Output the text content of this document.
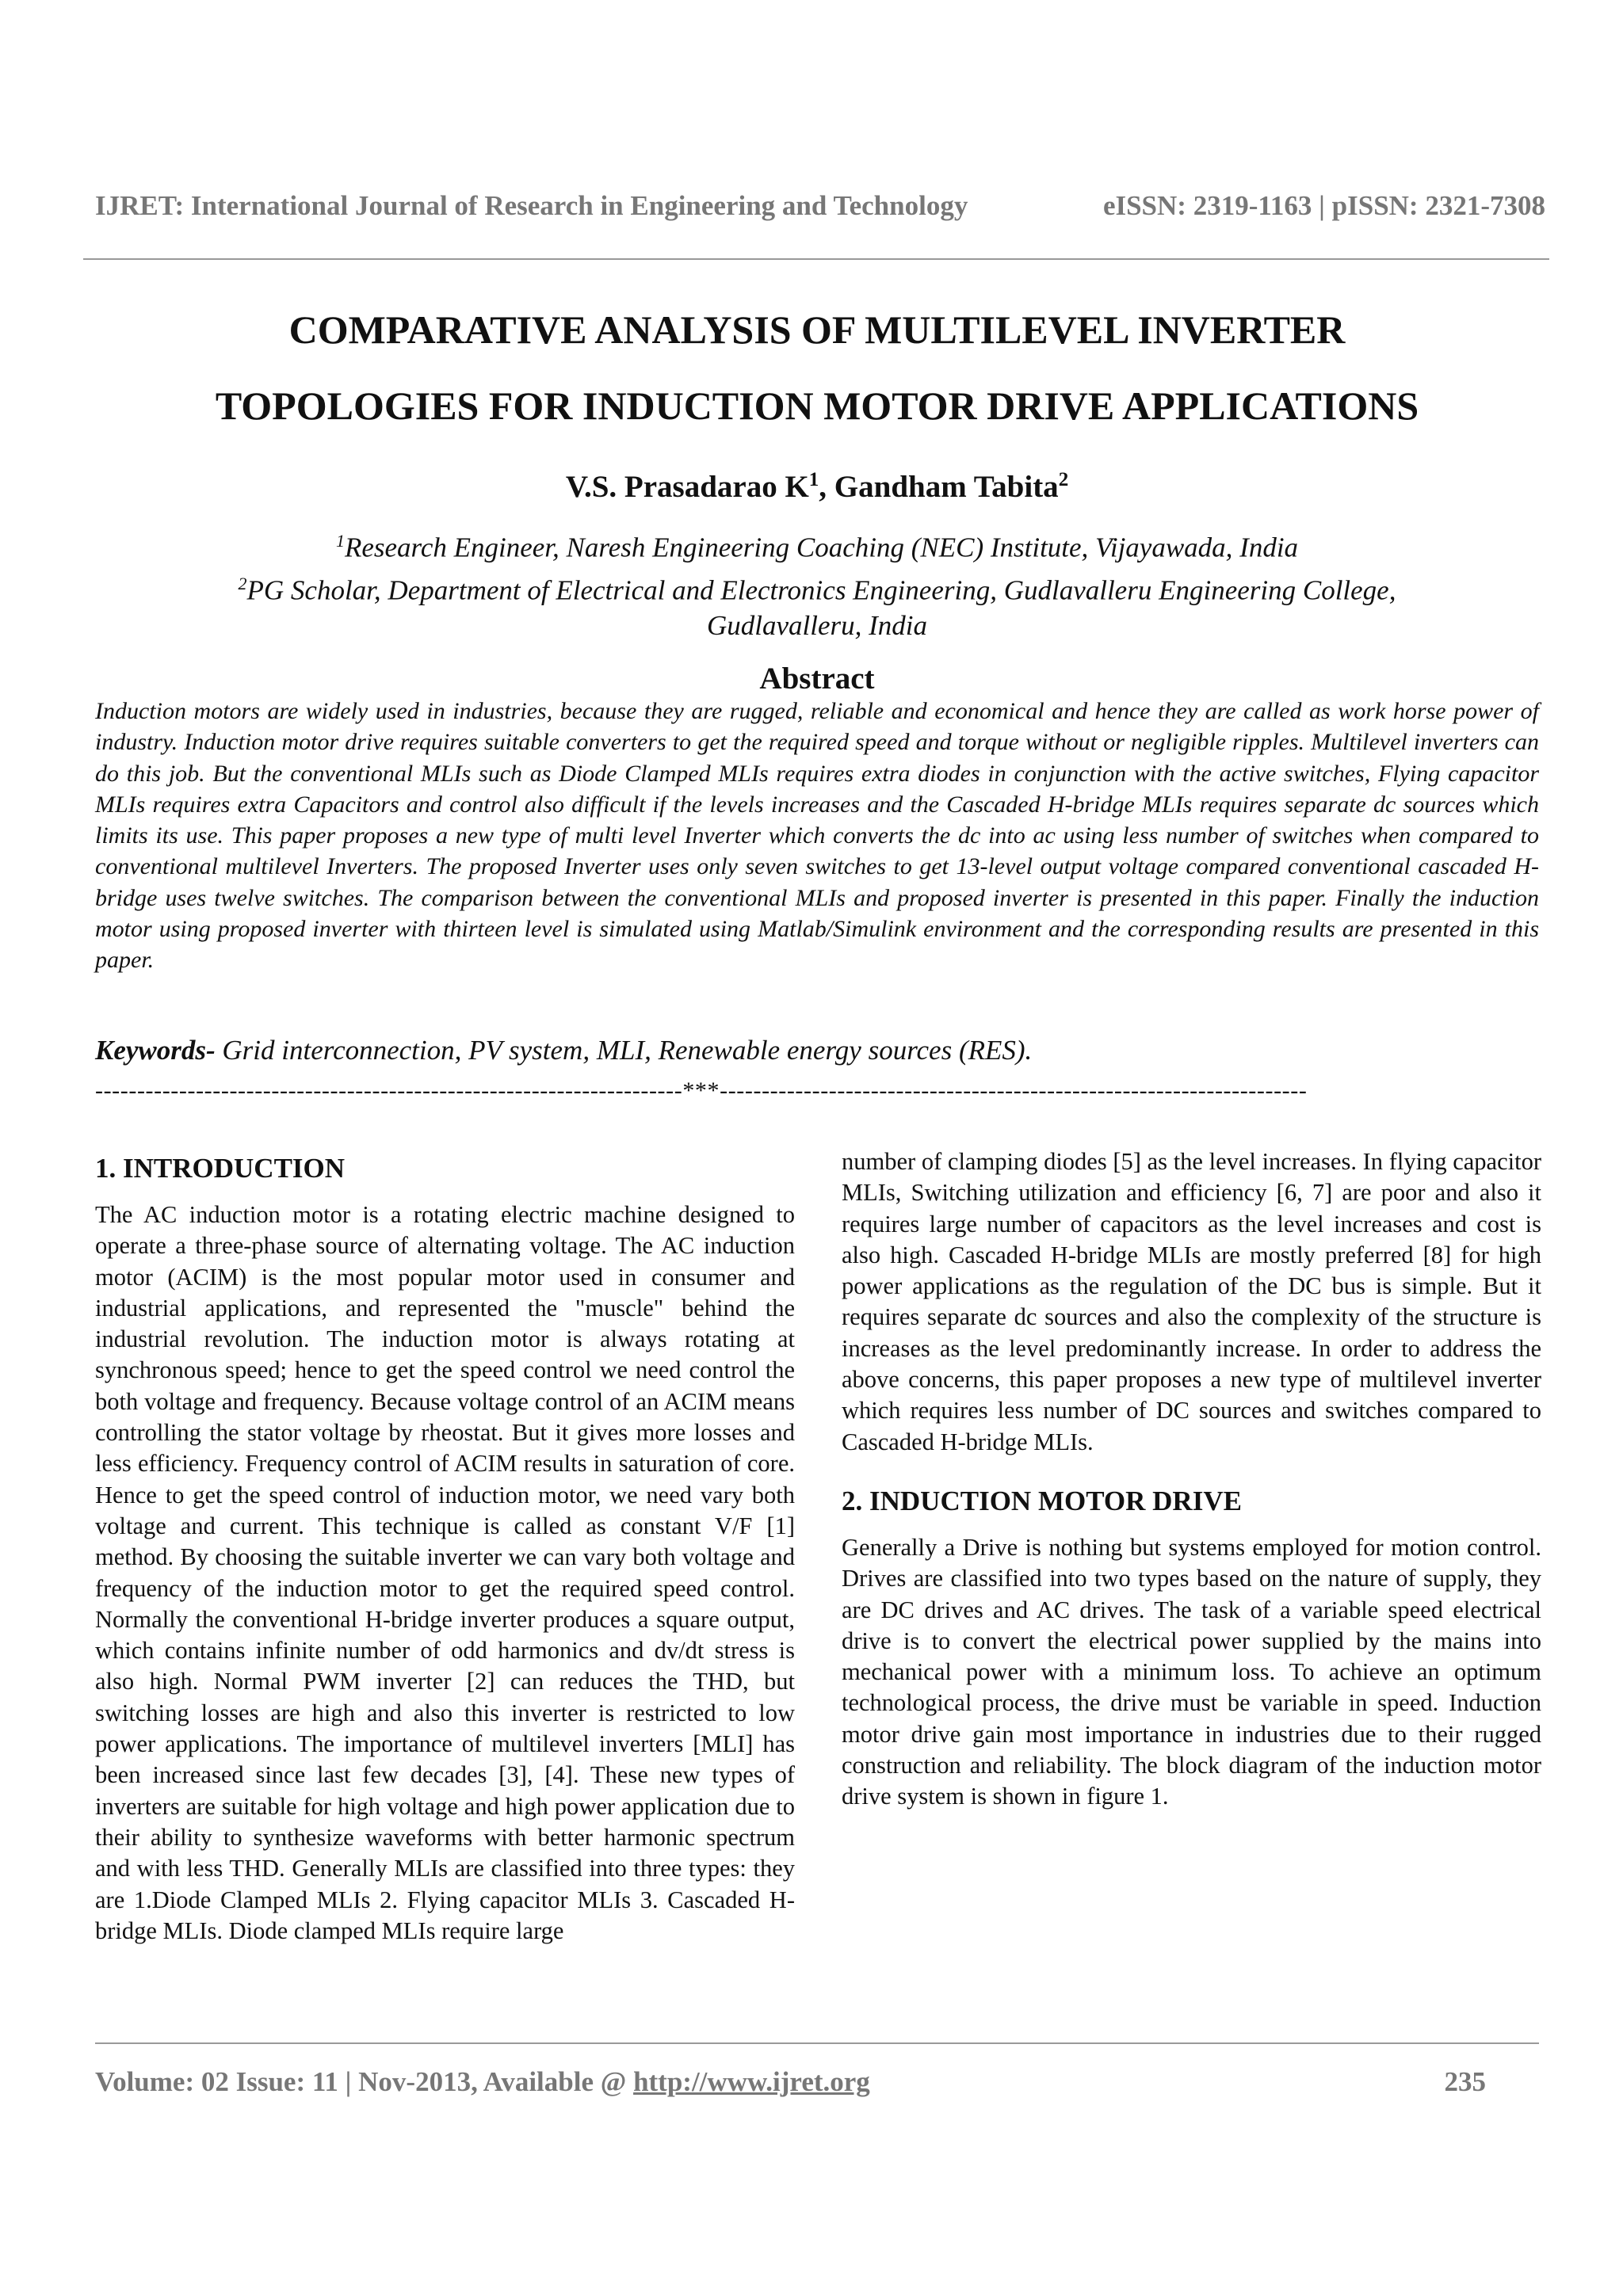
IJRET: International Journal of Research in Engineering and Technology	eISSN: 2319-1163 | pISSN: 2321-7308
COMPARATIVE ANALYSIS OF MULTILEVEL INVERTER
TOPOLOGIES FOR INDUCTION MOTOR DRIVE APPLICATIONS
V.S. Prasadarao $K^1$, Gandham Tabita$^2$
$^1$Research Engineer, Naresh Engineering Coaching (NEC) Institute, Vijayawada, India
$^2$PG Scholar, Department of Electrical and Electronics Engineering, Gudlavalleru Engineering College,
Gudlavalleru, India
Abstract
Induction motors are widely used in industries, because they are rugged, reliable and economical and hence they are called as work horse power of industry. Induction motor drive requires suitable converters to get the required speed and torque without or negligible ripples. Multilevel inverters can do this job. But the conventional MLIs such as Diode Clamped MLIs requires extra diodes in conjunction with the active switches, Flying capacitor MLIs requires extra Capacitors and control also difficult if the levels increases and the Cascaded H-bridge MLIs requires separate dc sources which limits its use. This paper proposes a new type of multi level Inverter which converts the dc into ac using less number of switches when compared to conventional multilevel Inverters. The proposed Inverter uses only seven switches to get 13-level output voltage compared conventional cascaded H-bridge uses twelve switches. The comparison between the conventional MLIs and proposed inverter is presented in this paper. Finally the induction motor using proposed inverter with thirteen level is simulated using Matlab/Simulink environment and the corresponding results are presented in this paper.
Keywords- Grid interconnection, PV system, MLI, Renewable energy sources (RES).
----------------------------------------------------------------------***----------------------------------------------------------------------
1. INTRODUCTION

The AC induction motor is a rotating electric machine designed to operate a three-phase source of alternating voltage. The AC induction motor (ACIM) is the most popular motor used in consumer and industrial applications, and represented the "muscle" behind the industrial revolution. The induction motor is always rotating at synchronous speed; hence to get the speed control we need control the both voltage and frequency. Because voltage control of an ACIM means controlling the stator voltage by rheostat. But it gives more losses and less efficiency. Frequency control of ACIM results in saturation of core. Hence to get the speed control of induction motor, we need vary both voltage and current. This technique is called as constant V/F [1] method. By choosing the suitable inverter we can vary both voltage and frequency of the induction motor to get the required speed control. Normally the conventional H-bridge inverter produces a square output, which contains infinite number of odd harmonics and dv/dt stress is also high. Normal PWM inverter [2] can reduces the THD, but switching losses are high and also this inverter is restricted to low power applications. The importance of multilevel inverters [MLI] has been increased since last few decades [3], [4]. These new types of inverters are suitable for high voltage and high power application due to their ability to synthesize waveforms with better harmonic spectrum and with less THD. Generally MLIs are classified into three types: they are 1.Diode Clamped MLIs 2. Flying capacitor MLIs 3. Cascaded H-bridge MLIs. Diode clamped MLIs require large

number of clamping diodes [5] as the level increases. In flying capacitor MLIs, Switching utilization and efficiency [6, 7] are poor and also it requires large number of capacitors as the level increases and cost is also high. Cascaded H-bridge MLIs are mostly preferred [8] for high power applications as the regulation of the DC bus is simple. But it requires separate dc sources and also the complexity of the structure is increases as the level predominantly increase. In order to address the above concerns, this paper proposes a new type of multilevel inverter which requires less number of DC sources and switches compared to Cascaded H-bridge MLIs.

2. INDUCTION MOTOR DRIVE

Generally a Drive is nothing but systems employed for motion control. Drives are classified into two types based on the nature of supply, they are DC drives and AC drives. The task of a variable speed electrical drive is to convert the electrical power supplied by the mains into mechanical power with a minimum loss. To achieve an optimum technological process, the drive must be variable in speed. Induction motor drive gain most importance in industries due to their rugged construction and reliability. The block diagram of the induction motor drive system is shown in figure 1.

Volume: 02 Issue: 11 | Nov-2013, Available @ http://www.ijret.org	235
